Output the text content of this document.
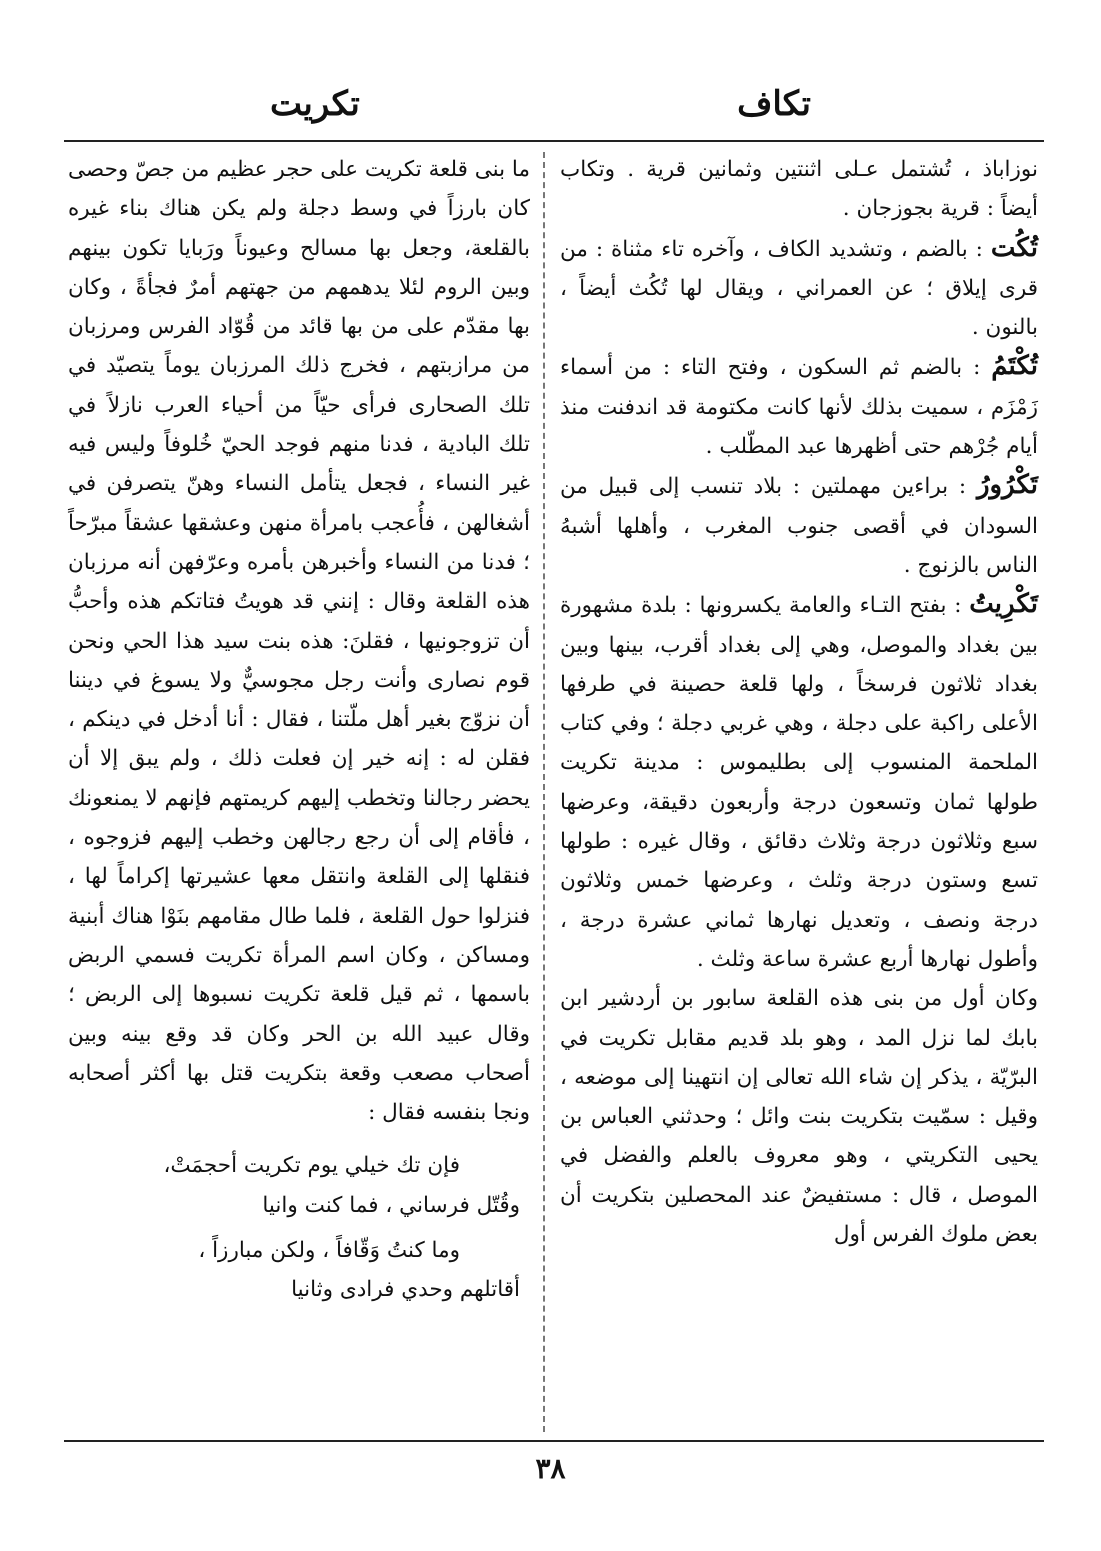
تكاف
تكريت

نوزاباذ ، تُشتمل عـلى اثنتين وثمانين قرية . وتكاب أيضاً : قرية بجوزجان .

تُكُت : بالضم ، وتشديد الكاف ، وآخره تاء مثناة : من قرى إيلاق ؛ عن العمراني ، ويقال لها تُكُث أيضاً ، بالنون .

تُكْتَمُ : بالضم ثم السكون ، وفتح التاء : من أسماء زَمْزَم ، سميت بذلك لأنها كانت مكتومة قد اندفنت منذ أيام جُرْهم حتى أظهرها عبد المطّلب .

تَكْرُورُ : براءين مهملتين : بلاد تنسب إلى قبيل من السودان في أقصى جنوب المغرب ، وأهلها أشبهُ الناس بالزنوج .

تَكْرِيتُ : بفتح التـاء والعامة يكسرونها : بلدة مشهورة بين بغداد والموصل، وهي إلى بغداد أقرب، بينها وبين بغداد ثلاثون فرسخاً ، ولها قلعة حصينة في طرفها الأعلى راكبة على دجلة ، وهي غربي دجلة ؛ وفي كتاب الملحمة المنسوب إلى بطليموس : مدينة تكريت طولها ثمان وتسعون درجة وأربعون دقيقة، وعرضها سبع وثلاثون درجة وثلاث دقائق ، وقال غيره : طولها تسع وستون درجة وثلث ، وعرضها خمس وثلاثون درجة ونصف ، وتعديل نهارها ثماني عشرة درجة ، وأطول نهارها أربع عشرة ساعة وثلث .

وكان أول من بنى هذه القلعة سابور بن أردشير ابن بابك لما نزل المد ، وهو بلد قديم مقابل تكريت في البرّيّة ، يذكر إن شاء الله تعالى إن انتهينا إلى موضعه ، وقيل : سمّيت بتكريت بنت وائل ؛ وحدثني العباس بن يحيى التكريتي ، وهو معروف بالعلم والفضل في الموصل ، قال : مستفيضٌ عند المحصلين بتكريت أن بعض ملوك الفرس أول

ما بنى قلعة تكريت على حجر عظيم من جصّ وحصى كان بارزاً في وسط دجلة ولم يكن هناك بناء غيره بالقلعة، وجعل بها مسالح وعيوناً ورَبايا تكون بينهم وبين الروم لئلا يدهمهم من جهتهم أمرٌ فجأةً ، وكان بها مقدّم على من بها قائد من قُوّاد الفرس ومرزبان من مرازبتهم ، فخرج ذلك المرزبان يوماً يتصيّد في تلك الصحارى فرأى حيّاً من أحياء العرب نازلاً في تلك البادية ، فدنا منهم فوجد الحيّ خُلوفاً وليس فيه غير النساء ، فجعل يتأمل النساء وهنّ يتصرفن في أشغالهن ، فأُعجب بامرأة منهن وعشقها عشقاً مبرّحاً ؛ فدنا من النساء وأخبرهن بأمره وعرّفهن أنه مرزبان هذه القلعة وقال : إنني قد هويتُ فتاتكم هذه وأحبُّ أن تزوجونيها ، فقلنَ: هذه بنت سيد هذا الحي ونحن قوم نصارى وأنت رجل مجوسيٌّ ولا يسوغ في ديننا أن نزوّج بغير أهل ملّتنا ، فقال : أنا أدخل في دينكم ، فقلن له : إنه خير إن فعلت ذلك ، ولم يبق إلا أن يحضر رجالنا وتخطب إليهم كريمتهم فإنهم لا يمنعونك ، فأقام إلى أن رجع رجالهن وخطب إليهم فزوجوه ، فنقلها إلى القلعة وانتقل معها عشيرتها إكراماً لها ، فنزلوا حول القلعة ، فلما طال مقامهم بنَوْا هناك أبنية ومساكن ، وكان اسم المرأة تكريت فسمي الربض باسمها ، ثم قيل قلعة تكريت نسبوها إلى الربض ؛ وقال عبيد الله بن الحر وكان قد وقع بينه وبين أصحاب مصعب وقعة بتكريت قتل بها أكثر أصحابه ونجا بنفسه فقال :

فإن تك خيلي يوم تكريت أحجمَتْ،
وقُتّل فرساني ، فما كنت وانيا
وما كنتُ وَقّافاً ، ولكن مبارزاً ،
أقاتلهم وحدي فرادى وثانيا
٣٨
